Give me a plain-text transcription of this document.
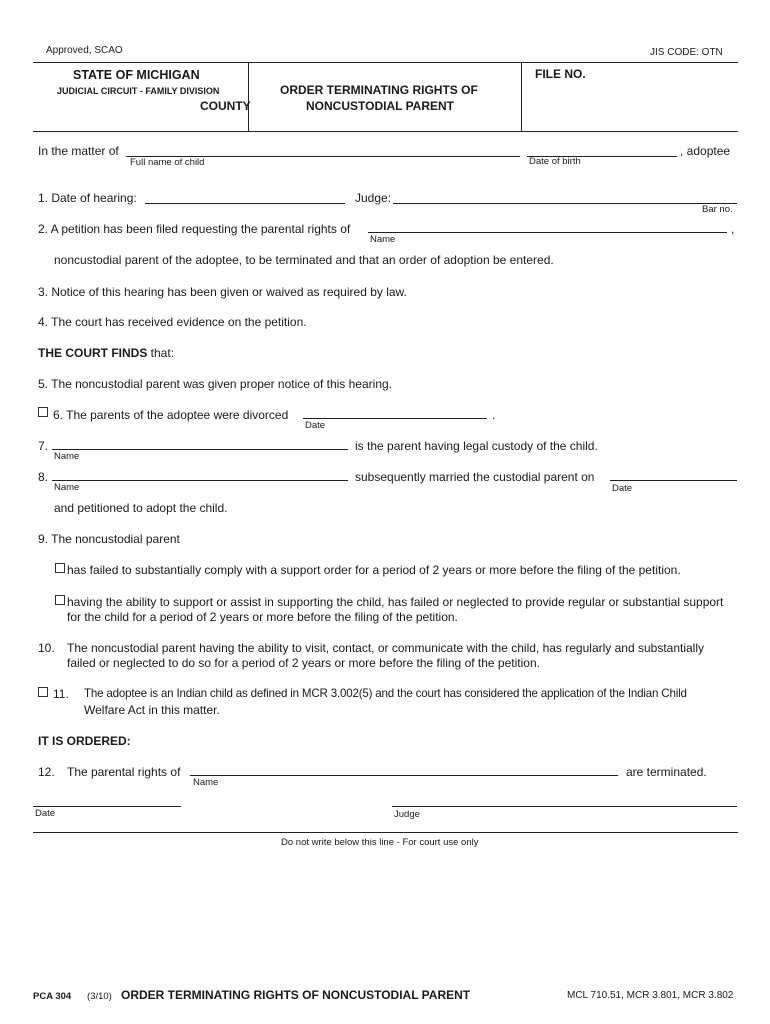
Approved, SCAO	JIS CODE: OTN
STATE OF MICHIGAN
JUDICIAL CIRCUIT - FAMILY DIVISION
COUNTY
ORDER TERMINATING RIGHTS OF
NONCUSTODIAL PARENT
FILE NO.
In the matter of	, adoptee
Full name of child	Date of birth
1. Date of hearing:	Judge:
Bar no.
2. A petition has been filed requesting the parental rights of	,
Name
noncustodial parent of the adoptee, to be terminated and that an order of adoption be entered.
3. Notice of this hearing has been given or waived as required by law.
4. The court has received evidence on the petition.
THE COURT FINDS that:
5. The noncustodial parent was given proper notice of this hearing.
6. The parents of the adoptee were divorced	.
Date
7.	is the parent having legal custody of the child.
Name
8.	subsequently married the custodial parent on
Name	Date
and petitioned to adopt the child.
9. The noncustodial parent
has failed to substantially comply with a support order for a period of 2 years or more before the filing of the petition.
having the ability to support or assist in supporting the child, has failed or neglected to provide regular or substantial support
for the child for a period of 2 years or more before the filing of the petition.
10. The noncustodial parent having the ability to visit, contact, or communicate with the child, has regularly and substantially
failed or neglected to do so for a period of 2 years or more before the filing of the petition.
11. The adoptee is an Indian child as defined in MCR 3.002(5) and the court has considered the application of the Indian Child
Welfare Act in this matter.
IT IS ORDERED:
12. The parental rights of	are terminated.
Name
Date	Judge
Do not write below this line - For court use only
PCA 304 (3/10) ORDER TERMINATING RIGHTS OF NONCUSTODIAL PARENT	MCL 710.51, MCR 3.801, MCR 3.802
